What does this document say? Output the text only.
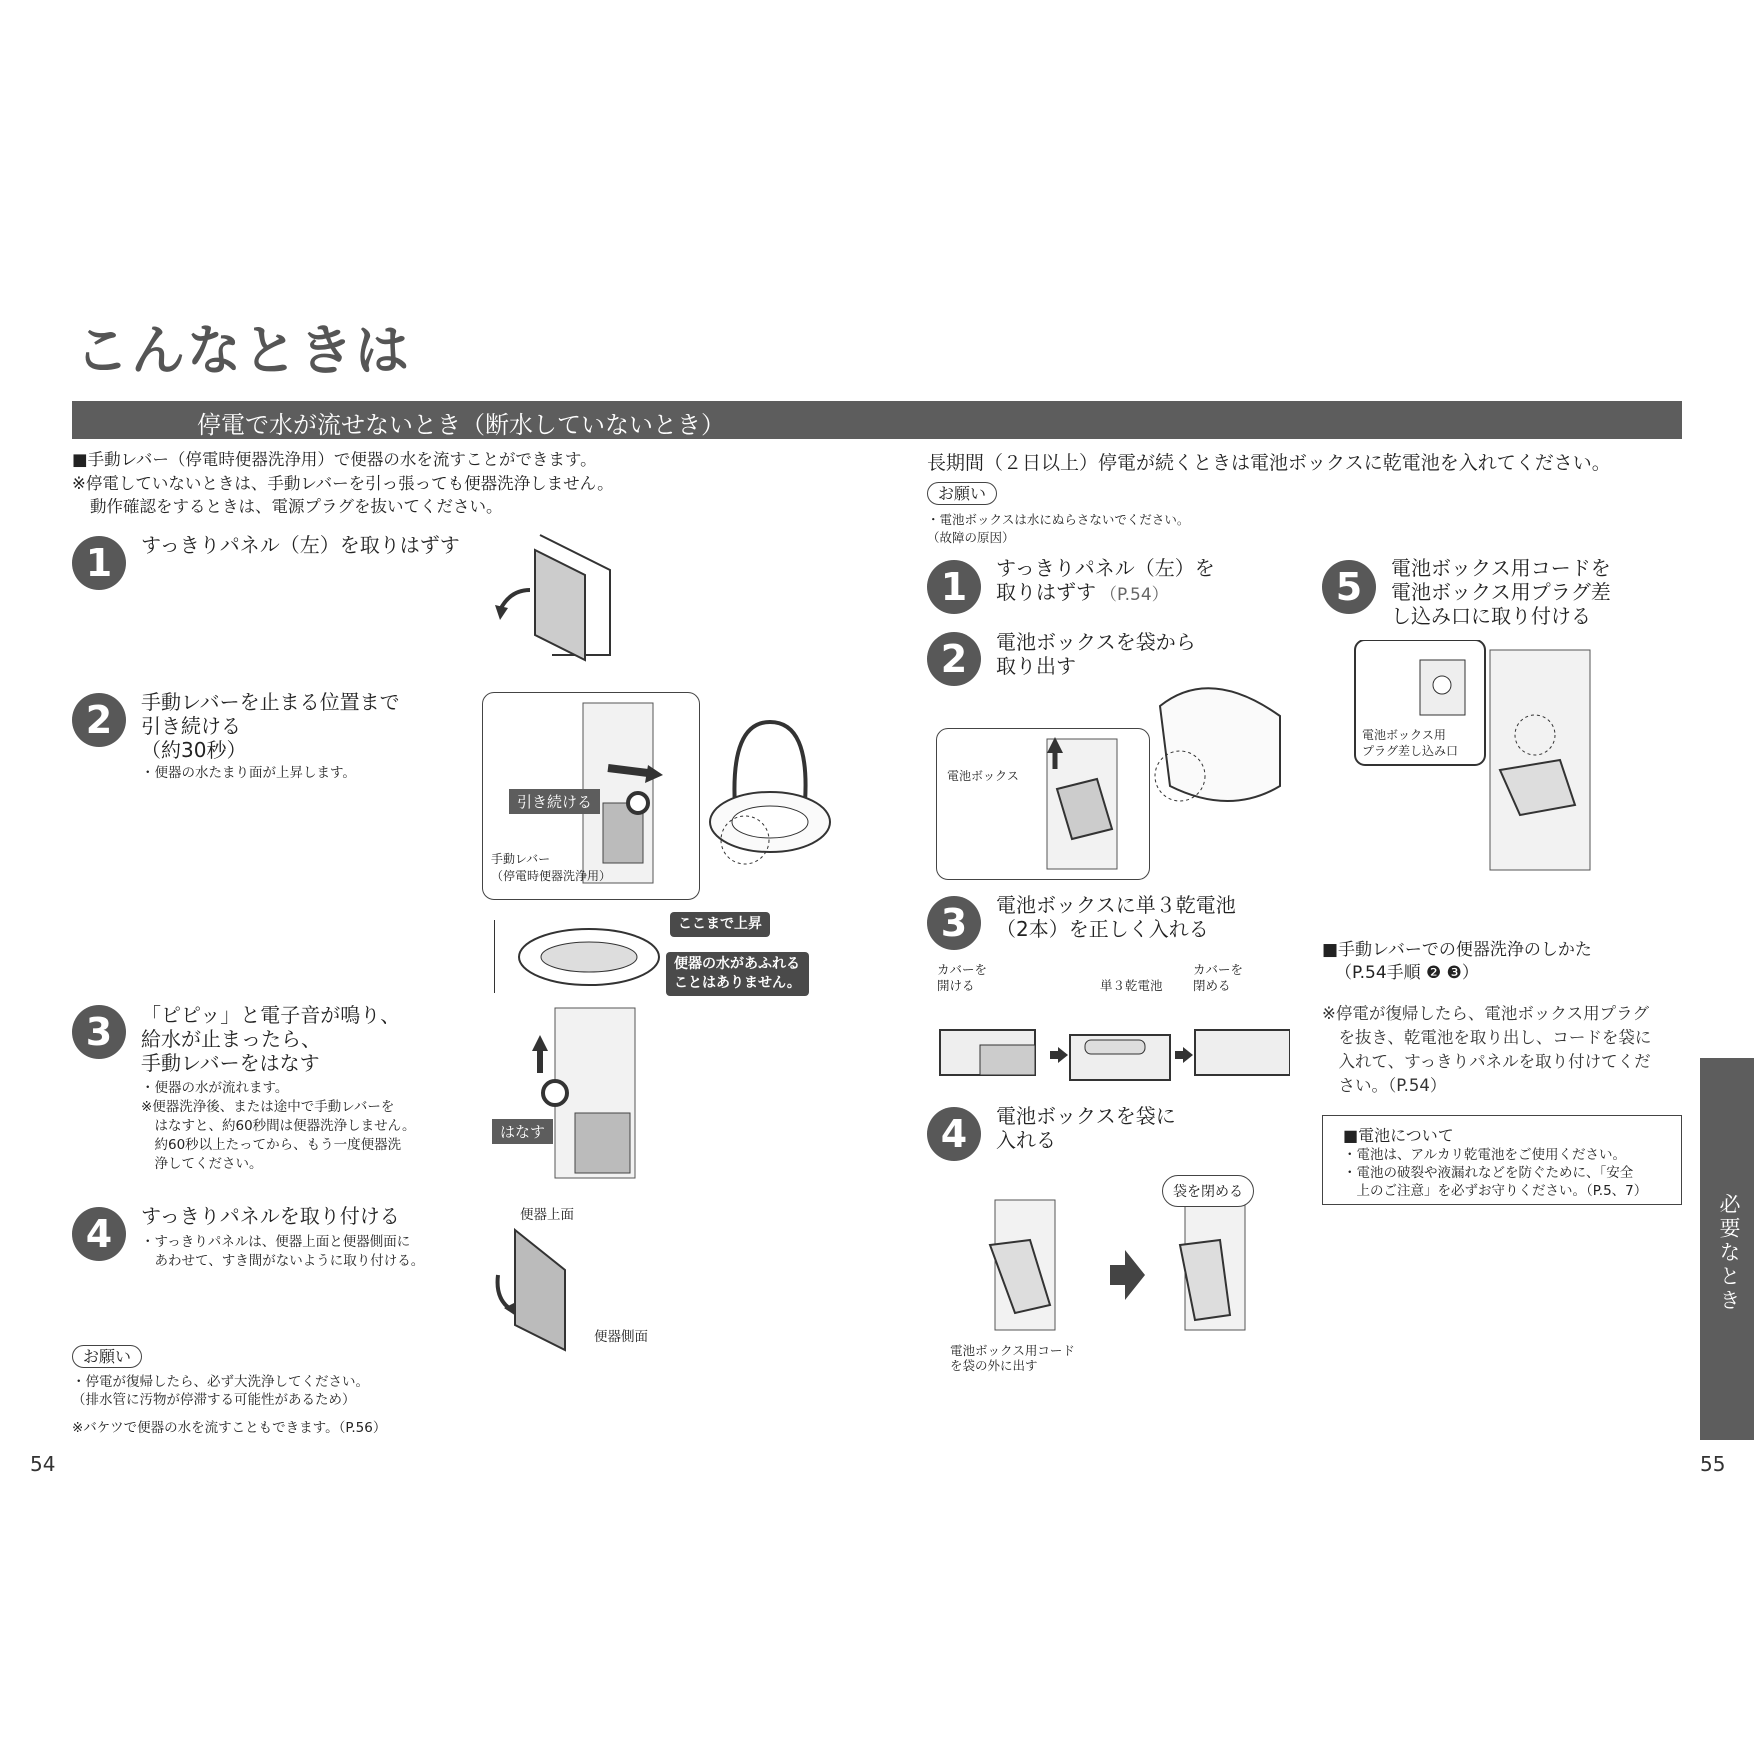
こんなときは
停電で水が流せないとき（断水していないとき）
■手動レバー（停電時便器洗浄用）で便器の水を流すことができます。
※停電していないときは、手動レバーを引っ張っても便器洗浄しません。
動作確認をするときは、電源プラグを抜いてください。
1	すっきりパネル（左）を取りはずす
2	手動レバーを止まる位置まで
引き続ける
（約30秒）
・便器の水たまり面が上昇します。
引き続ける
手動レバー
（停電時便器洗浄用）
ここまで上昇
便器の水があふれる
ことはありません。
3	「ピピッ」と電子音が鳴り、
給水が止まったら、
手動レバーをはなす
・便器の水が流れます。
※便器洗浄後、または途中で手動レバーを
　はなすと、約60秒間は便器洗浄しません。
　約60秒以上たってから、もう一度便器洗
　浄してください。
はなす
4	すっきりパネルを取り付ける
・すっきりパネルは、便器上面と便器側面に
　あわせて、すき間がないように取り付ける。
便器上面
便器側面
お願い
・停電が復帰したら、必ず大洗浄してください。
（排水管に汚物が停滞する可能性があるため）
※バケツで便器の水を流すこともできます。（P.56）
54
長期間（２日以上）停電が続くときは電池ボックスに乾電池を入れてください。
お願い
・電池ボックスは水にぬらさないでください。
（故障の原因）
1	すっきりパネル（左）を
取りはずす （P.54）
2	電池ボックスを袋から
取り出す
電池ボックス
3	電池ボックスに単３乾電池
（2本）を正しく入れる
カバーを
開ける	単３乾電池
カバーを
閉める
4	電池ボックスを袋に
入れる
袋を閉める
電池ボックス用コード
を袋の外に出す
5	電池ボックス用コードを
電池ボックス用プラグ差
し込み口に取り付ける
電池ボックス用
プラグ差し込み口
■手動レバーでの便器洗浄のしかた
（P.54手順 ❷ ❸）
※停電が復帰したら、電池ボックス用プラグ
　を抜き、乾電池を取り出し、コードを袋に
　入れて、すっきりパネルを取り付けてくだ
　さい。（P.54）
■電池について
・電池は、アルカリ乾電池をご使用ください。
・電池の破裂や液漏れなどを防ぐために、「安全
　上のご注意」を必ずお守りください。（P.5、7）
必要なとき
55
